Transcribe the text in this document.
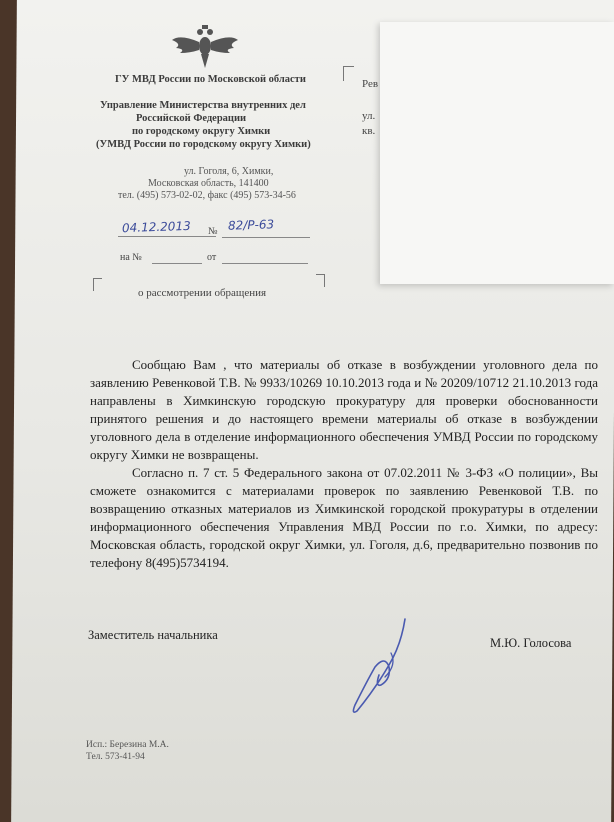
ГУ МВД России по Московской области
Управление Министерства внутренних дел
Российской Федерации
по городскому округу Химки
(УМВД России по городскому округу Химки)
ул. Гоголя, 6, Химки,
Московская область, 141400
тел. (495) 573-02-02, факс (495) 573-34-56
Рев
ул.
кв.
04.12.2013 № 82/Р-63
на №	от
о рассмотрении обращения

Сообщаю Вам , что материалы об отказе в возбуждении уголовного дела по заявлению Ревенковой Т.В. № 9933/10269 10.10.2013 года и № 20209/10712 21.10.2013 года направлены в Химкинскую городскую прокуратуру для проверки обоснованности принятого решения и до настоящего времени материалы об отказе в возбуждении уголовного дела в отделение информационного обеспечения УМВД России по городскому округу Химки не возвращены.

Согласно п. 7 ст. 5 Федерального закона от 07.02.2011 № 3-ФЗ «О полиции», Вы сможете ознакомится с материалами проверок по заявлению Ревенковой Т.В. по возвращению отказных материалов из Химкинской городской прокуратуры в отделении информационного обеспечения Управления МВД России по г.о. Химки, по адресу: Московская область, городской округ Химки, ул. Гоголя, д.6, предварительно позвонив по телефону 8(495)5734194.

Заместитель начальника
М.Ю. Голосова
Исп.: Березина М.А.
Тел. 573-41-94
